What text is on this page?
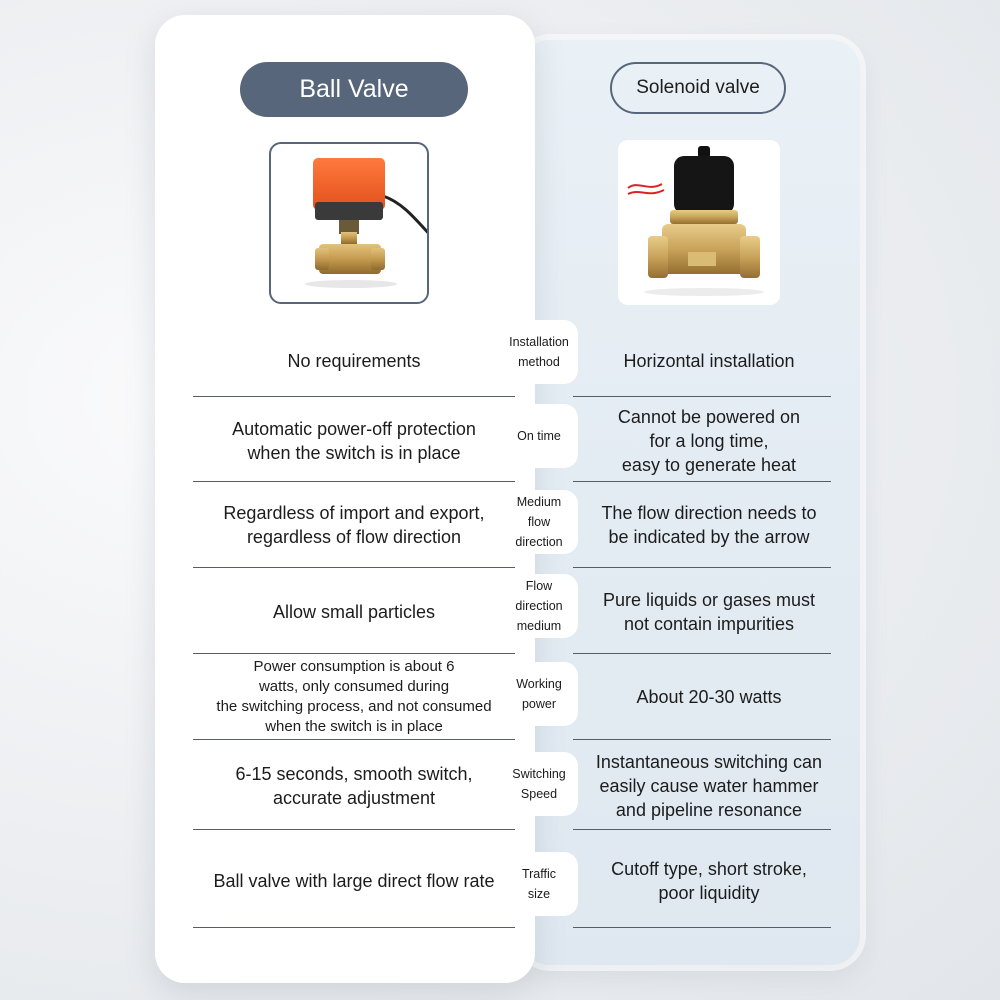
Ball Valve	Solenoid valve
No requirements	Horizontal installation
Installation
method
Automatic power-off protection
when the switch is in place
Cannot be powered on
for a long time,
easy to generate heat
On time
Regardless of import and export,
regardless of flow direction
The flow direction needs to
be indicated by the arrow
Medium
flow
direction
Allow small particles
Pure liquids or gases must
not contain impurities
Flow
direction
medium
Power consumption is about 6
watts, only consumed during
the switching process, and not consumed
when the switch is in place
About 20-30 watts
Working
power
6-15 seconds, smooth switch,
accurate adjustment
Instantaneous switching can
easily cause water hammer
and pipeline resonance
Switching
Speed
Ball valve with large direct flow rate
Cutoff type, short stroke,
poor liquidity
Traffic
size
